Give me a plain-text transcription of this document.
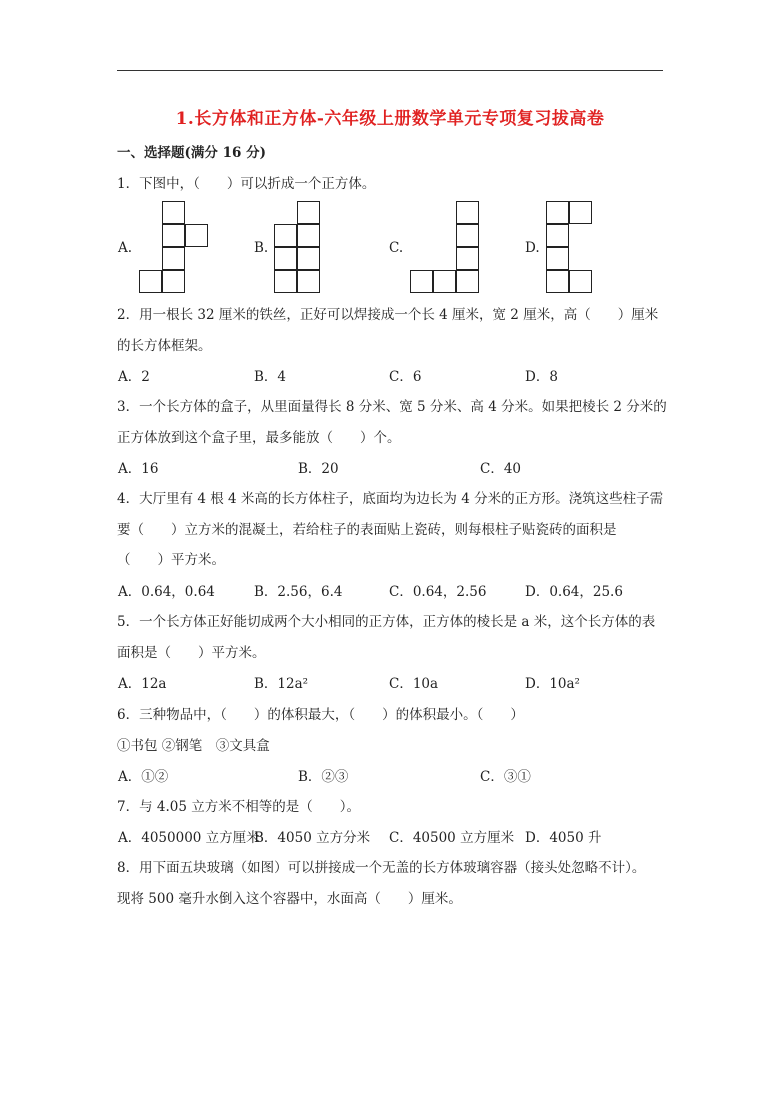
1.长方体和正方体-六年级上册数学单元专项复习拔高卷
一、选择题(满分 16 分)
1．下图中，（　　）可以折成一个正方体。
A.	B.	C.	D.
2．用一根长 32 厘米的铁丝，正好可以焊接成一个长 4 厘米，宽 2 厘米，高（　　）厘米
的长方体框架。
A．2	B．4	C．6	D．8
3．一个长方体的盒子，从里面量得长 8 分米、宽 5 分米、高 4 分米。如果把棱长 2 分米的
正方体放到这个盒子里，最多能放（　　）个。
A．16	B．20	C．40
4．大厅里有 4 根 4 米高的长方体柱子，底面均为边长为 4 分米的正方形。浇筑这些柱子需
要（　　）立方米的混凝土，若给柱子的表面贴上瓷砖，则每根柱子贴瓷砖的面积是
（　　）平方米。
A．0.64，0.64	B．2.56，6.4	C．0.64，2.56	D．0.64，25.6
5．一个长方体正好能切成两个大小相同的正方体，正方体的棱长是 a 米，这个长方体的表
面积是（　　）平方米。
A．12a	B．12a²	C．10a	D．10a²
6．三种物品中，（　　）的体积最大，（　　）的体积最小。（　　）
①书包 ②钢笔　③文具盒
A．①②	B．②③	C．③①
7．与 4.05 立方米不相等的是（　　）。
A．4050000 立方厘米
B．4050 立方分米 C．40500 立方厘米 D．4050 升
8．用下面五块玻璃（如图）可以拼接成一个无盖的长方体玻璃容器（接头处忽略不计）。
现将 500 毫升水倒入这个容器中，水面高（　　）厘米。
